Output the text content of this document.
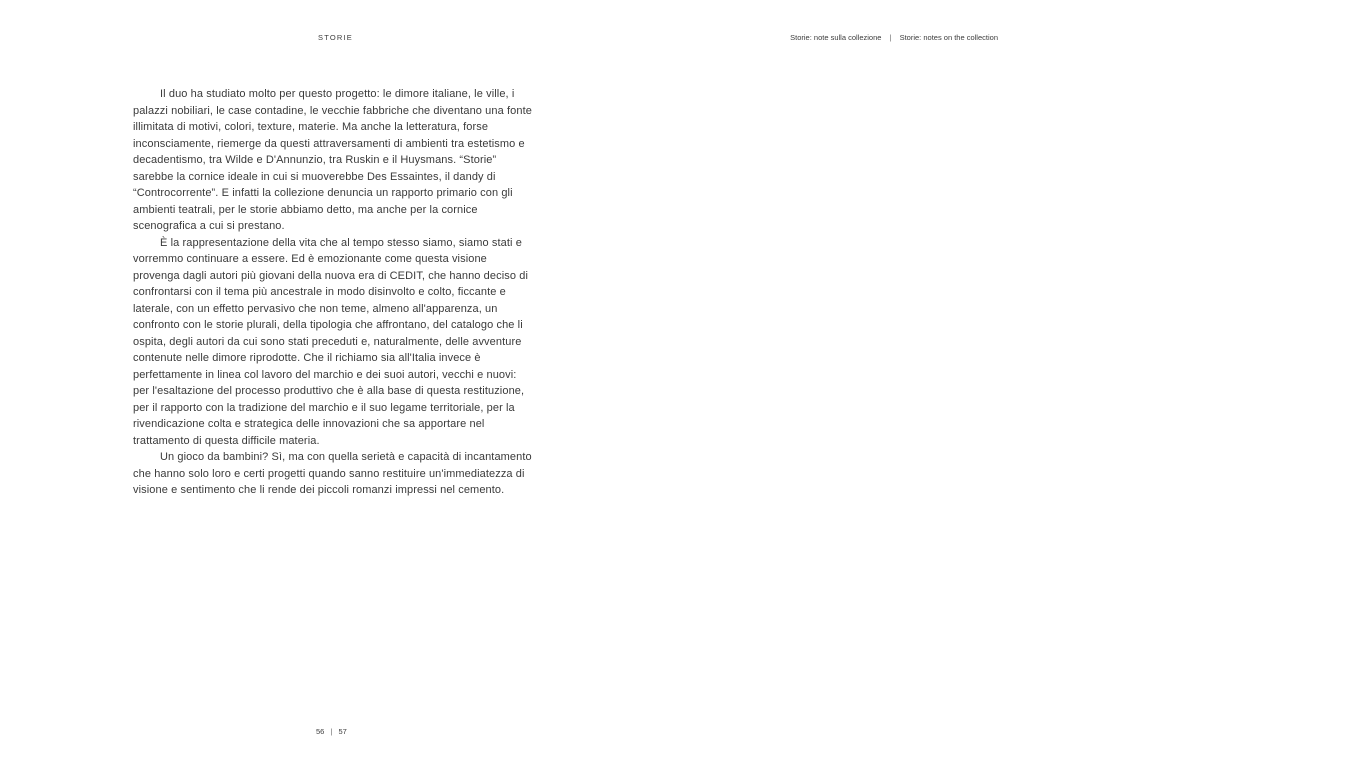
STORIE	Storie: note sulla collezione | Storie: notes on the collection

Il duo ha studiato molto per questo progetto: le dimore italiane, le ville, i palazzi nobiliari, le case contadine, le vecchie fabbriche che diventano una fonte illimitata di motivi, colori, texture, materie. Ma anche la letteratura, forse inconsciamente, riemerge da questi attraversamenti di ambienti tra estetismo e decadentismo, tra Wilde e D'Annunzio, tra Ruskin e il Huysmans. “Storie” sarebbe la cornice ideale in cui si muoverebbe Des Essaintes, il dandy di “Controcorrente”. E infatti la collezione denuncia un rapporto primario con gli ambienti teatrali, per le storie abbiamo detto, ma anche per la cornice scenografica a cui si prestano.

È la rappresentazione della vita che al tempo stesso siamo, siamo stati e vorremmo continuare a essere. Ed è emozionante come questa visione provenga dagli autori più giovani della nuova era di CEDIT, che hanno deciso di confrontarsi con il tema più ancestrale in modo disinvolto e colto, ficcante e laterale, con un effetto pervasivo che non teme, almeno all'apparenza, un confronto con le storie plurali, della tipologia che affrontano, del catalogo che li ospita, degli autori da cui sono stati preceduti e, naturalmente, delle avventure contenute nelle dimore riprodotte. Che il richiamo sia all'Italia invece è perfettamente in linea col lavoro del marchio e dei suoi autori, vecchi e nuovi: per l'esaltazione del processo produttivo che è alla base di questa restituzione, per il rapporto con la tradizione del marchio e il suo legame territoriale, per la rivendicazione colta e strategica delle innovazioni che sa apportare nel trattamento di questa difficile materia.

Un gioco da bambini? Sì, ma con quella serietà e capacità di incantamento che hanno solo loro e certi progetti quando sanno restituire un'immediatezza di visione e sentimento che li rende dei piccoli romanzi impressi nel cemento.

56 | 57
